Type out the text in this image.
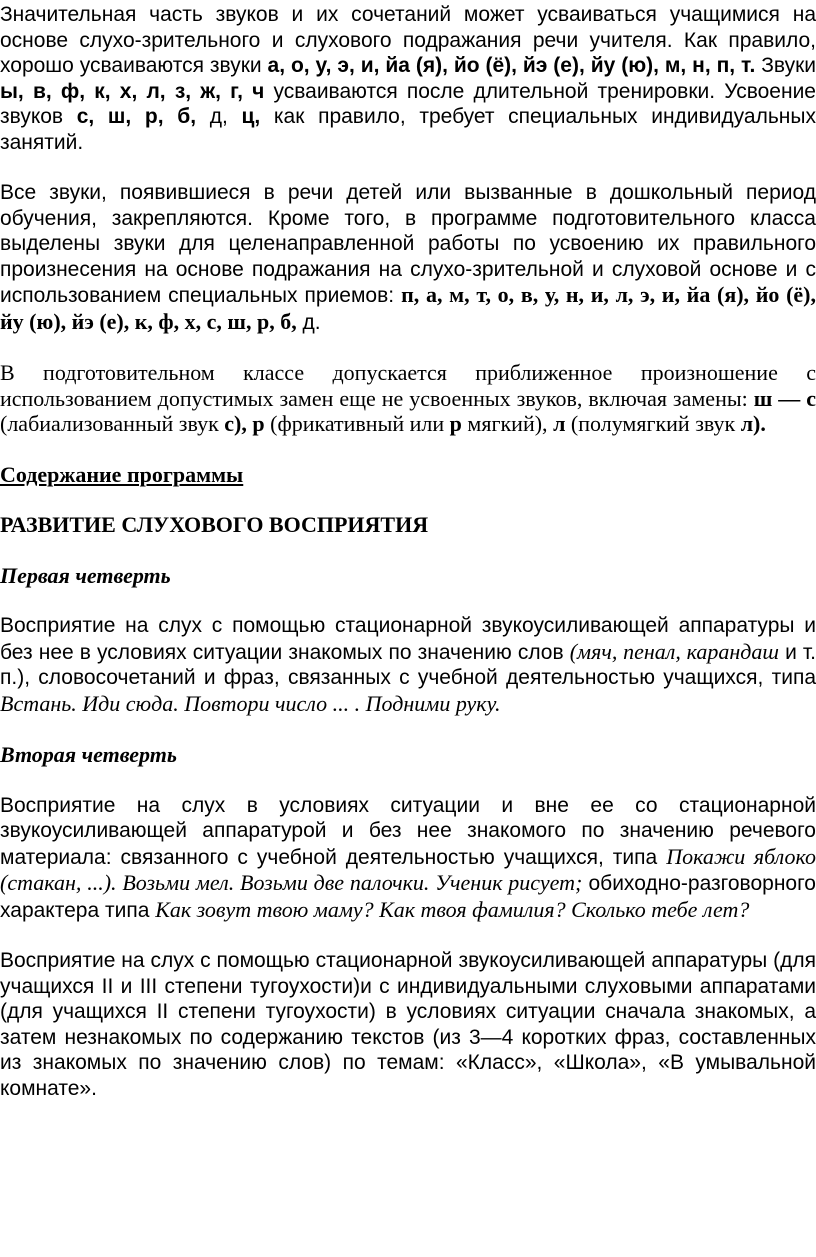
Значительная часть звуков и их сочетаний может усваиваться учащимися на основе слухо-зрительного и слухового подражания речи учителя. Как правило, хорошо усваиваются звуки а, о, у, э, и, йа (я), йо (ё), йэ (е), йу (ю), м, н, п, т. Звуки ы, в, ф, к, х, л, з, ж, г, ч усваиваются после длительной тренировки. Усвоение звуков с, ш, р, б, д, ц, как правило, требует специальных индивидуальных занятий.

Все звуки, появившиеся в речи детей или вызванные в дошкольный период обучения, закрепляются. Кроме того, в программе подготовительного класса выделены звуки для целенаправленной работы по усвоению их правильного произнесения на основе подражания на слухо-зрительной и слуховой основе и с использованием специальных приемов: п, а, м, т, о, в, у, н, и, л, э, и, йа (я), йо (ё), йу (ю), йэ (е), к, ф, х, с, ш, р, б, д.

В подготовительном классе допускается приближенное произношение с использованием допустимых замен еще не усвоенных звуков, включая замены: ш — с (лабиализованный звук с), р (фрикативный или р мягкий), л (полумягкий звук л).

Содержание программы

РАЗВИТИЕ СЛУХОВОГО ВОСПРИЯТИЯ

Первая четверть

Восприятие на слух с помощью стационарной звукоусиливающей аппаратуры и без нее в условиях ситуации знакомых по значению слов (мяч, пенал, карандаш и т. п.), словосочетаний и фраз, связанных с учебной деятельностью учащихся, типа Встань. Иди сюда. Повтори число ... . Подними руку.

Вторая четверть

Восприятие на слух в условиях ситуации и вне ее со стационарной звукоусиливающей аппаратурой и без нее знакомого по значению речевого материала: связанного с учебной деятельностью учащихся, типа Покажи яблоко (стакан, ...). Возьми мел. Возьми две палочки. Ученик рисует; обиходно-разговорного характера типа Как зовут твою маму? Как твоя фамилия? Сколько тебе лет?

Восприятие на слух с помощью стационарной звукоусиливающей аппаратуры (для учащихся II и III степени тугоухости)и с индивидуальными слуховыми аппаратами (для учащихся II степени тугоухости) в условиях ситуации сначала знакомых, а затем незнакомых по содержанию текстов (из 3—4 коротких фраз, составленных из знакомых по значению слов) по темам: «Класс», «Школа», «В умывальной комнате».
